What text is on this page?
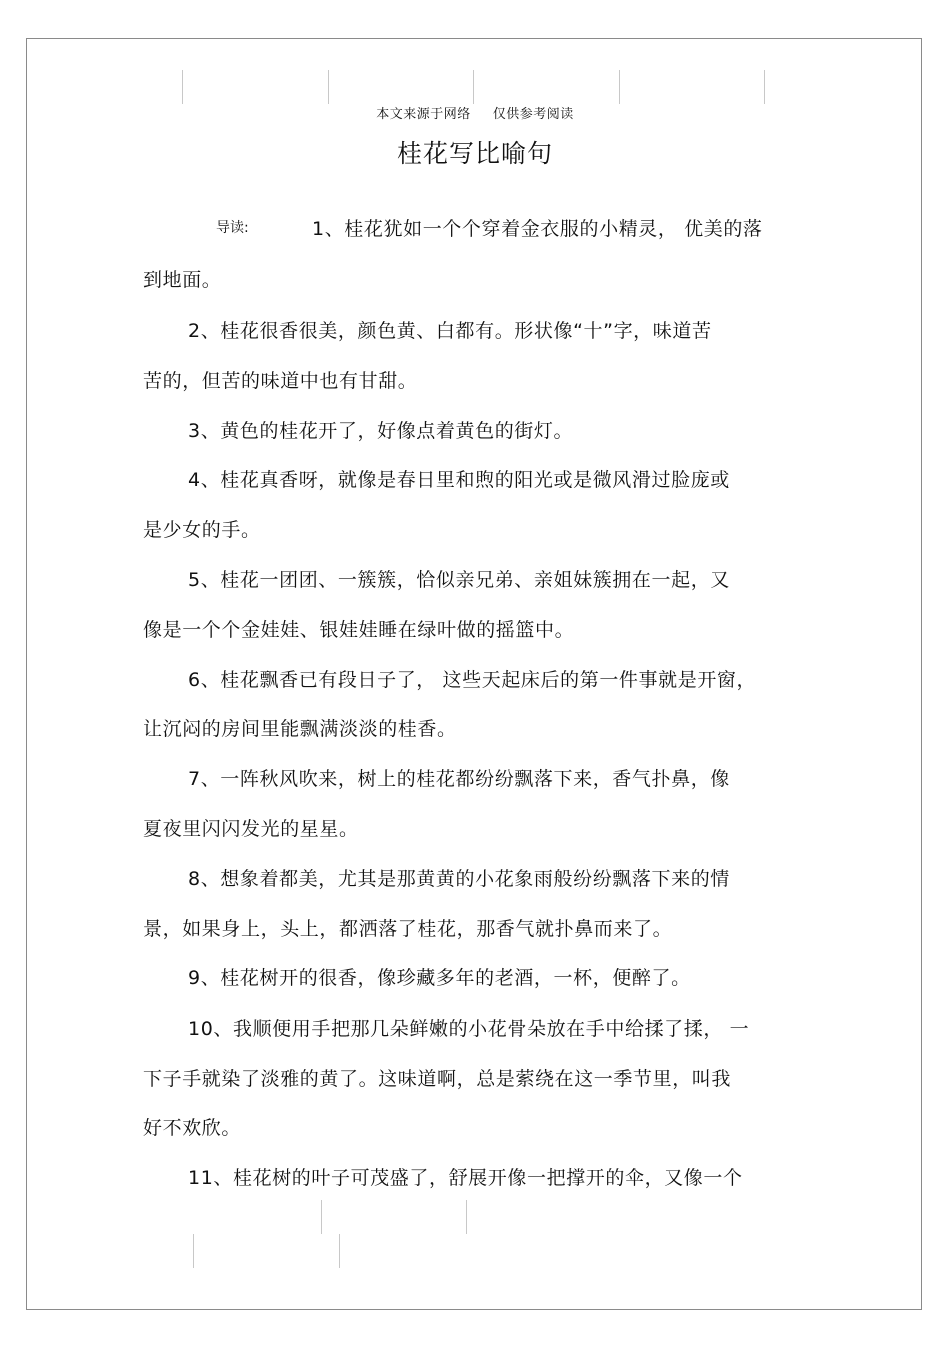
本文来源于网络 仅供参考阅读
桂花写比喻句
导读:	1、桂花犹如一个个穿着金衣服的小精灵， 优美的落
到地面。
2、桂花很香很美，颜色黄、白都有。形状像“十”字，味道苦
苦的，但苦的味道中也有甘甜。
3、黄色的桂花开了，好像点着黄色的街灯。
4、桂花真香呀，就像是春日里和煦的阳光或是微风滑过脸庞或
是少女的手。
5、桂花一团团、一簇簇，恰似亲兄弟、亲姐妹簇拥在一起，又
像是一个个金娃娃、银娃娃睡在绿叶做的摇篮中。
6、桂花飘香已有段日子了， 这些天起床后的第一件事就是开窗，
让沉闷的房间里能飘满淡淡的桂香。
7、一阵秋风吹来，树上的桂花都纷纷飘落下来，香气扑鼻，像
夏夜里闪闪发光的星星。
8、想象着都美，尤其是那黄黄的小花象雨般纷纷飘落下来的情
景，如果身上，头上，都洒落了桂花，那香气就扑鼻而来了。
9、桂花树开的很香，像珍藏多年的老酒，一杯，便醉了。
10、我顺便用手把那几朵鲜嫩的小花骨朵放在手中给揉了揉， 一
下子手就染了淡雅的黄了。这味道啊，总是萦绕在这一季节里，叫我
好不欢欣。
11、桂花树的叶子可茂盛了，舒展开像一把撑开的伞，又像一个
